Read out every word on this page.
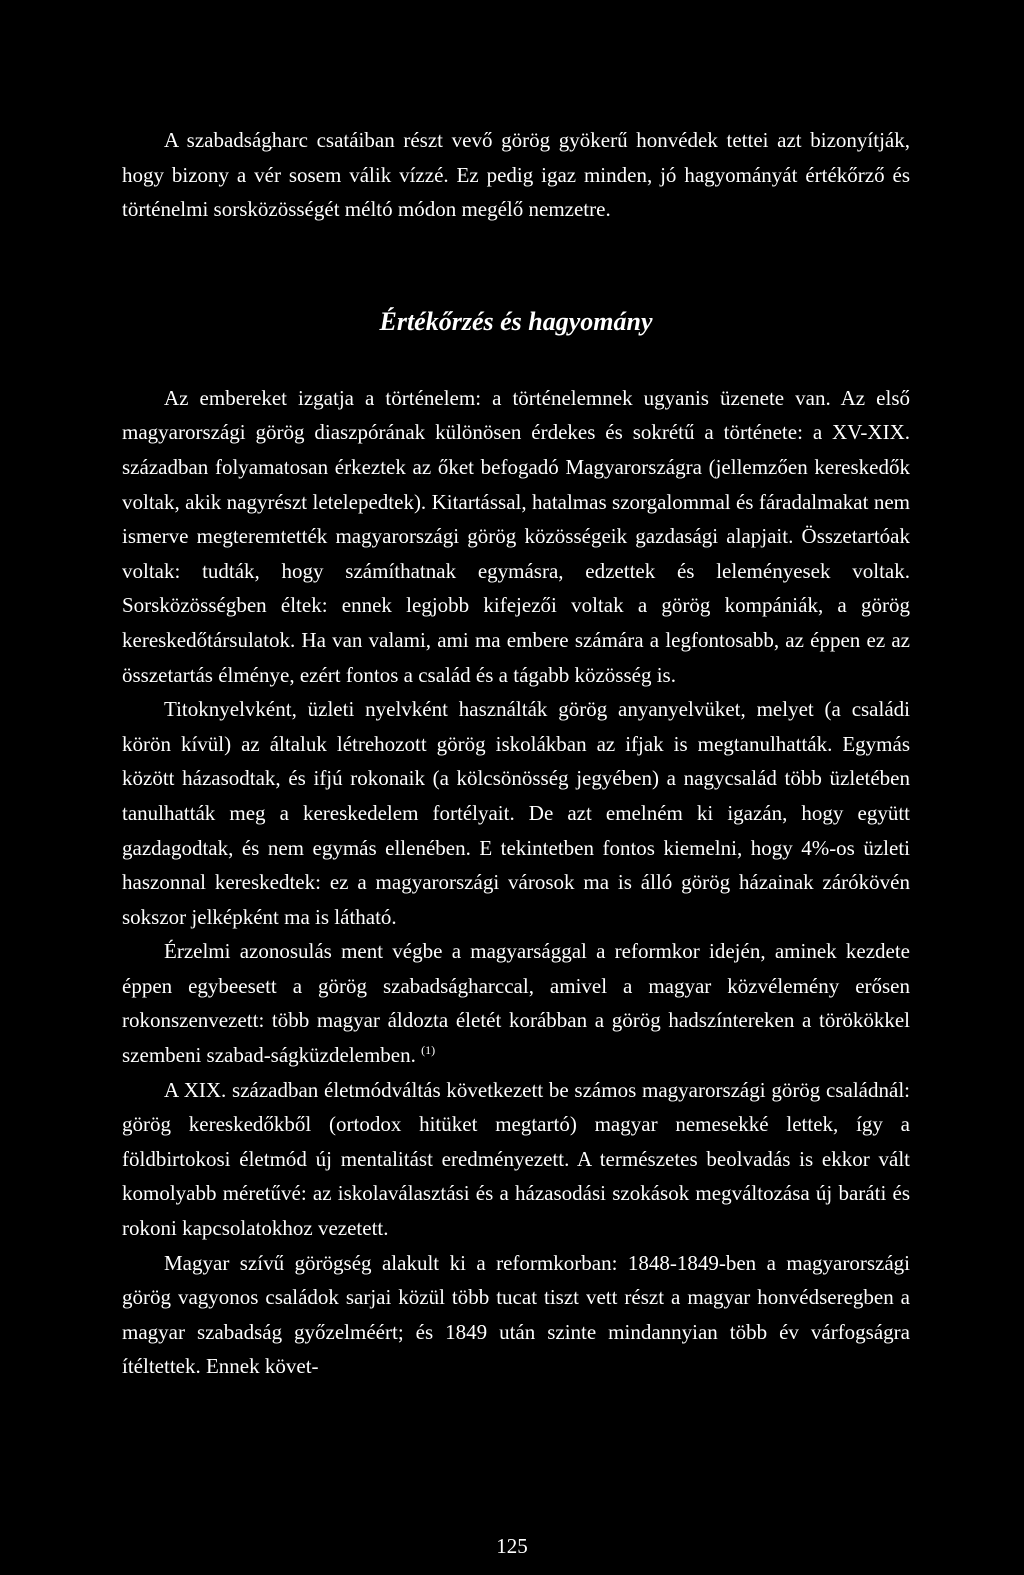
A szabadságharc csatáiban részt vevő görög gyökerű honvédek tettei azt bizonyítják, hogy bizony a vér sosem válik vízzé. Ez pedig igaz minden, jó hagyományát értékőrző és történelmi sorsközösségét méltó módon megélő nemzetre.

Értékőrzés és hagyomány

Az embereket izgatja a történelem: a történelemnek ugyanis üzenete van. Az első magyarországi görög diaszpórának különösen érdekes és sokrétű a története: a XV-XIX. században folyamatosan érkeztek az őket befogadó Magyarországra (jellemzően kereskedők voltak, akik nagyrészt letelepedtek). Kitartással, hatalmas szorgalommal és fáradalmakat nem ismerve megteremtették magyarországi görög közösségeik gazdasági alapjait. Összetartóak voltak: tudták, hogy számíthatnak egymásra, edzettek és leleményesek voltak. Sorsközösségben éltek: ennek legjobb kifejezői voltak a görög kompániák, a görög kereskedőtársulatok. Ha van valami, ami ma embere számára a legfontosabb, az éppen ez az összetartás élménye, ezért fontos a család és a tágabb közösség is.

Titoknyelvként, üzleti nyelvként használták görög anyanyelvüket, melyet (a családi körön kívül) az általuk létrehozott görög iskolákban az ifjak is megtanulhatták. Egymás között házasodtak, és ifjú rokonaik (a kölcsönösség jegyében) a nagycsalád több üzletében tanulhatták meg a kereskedelem fortélyait. De azt emelném ki igazán, hogy együtt gazdagodtak, és nem egymás ellenében. E tekintetben fontos kiemelni, hogy 4%-os üzleti haszonnal kereskedtek: ez a magyarországi városok ma is álló görög házainak zárókövén sokszor jelképként ma is látható.

Érzelmi azonosulás ment végbe a magyarsággal a reformkor idején, aminek kezdete éppen egybeesett a görög szabadságharccal, amivel a magyar közvélemény erősen rokonszenvezett: több magyar áldozta életét korábban a görög hadszíntereken a törökökkel szembeni szabad-ságküzdelemben. $^{(1)}$

A XIX. században életmódváltás következett be számos magyarországi görög családnál: görög kereskedőkből (ortodox hitüket megtartó) magyar nemesekké lettek, így a földbirtokosi életmód új mentalitást eredményezett. A természetes beolvadás is ekkor vált komolyabb méretűvé: az iskolaválasztási és a házasodási szokások megváltozása új baráti és rokoni kapcsolatokhoz vezetett.

Magyar szívű görögség alakult ki a reformkorban: 1848-1849-ben a magyarországi görög vagyonos családok sarjai közül több tucat tiszt vett részt a magyar honvédseregben a magyar szabadság győzelméért; és 1849 után szinte mindannyian több év várfogságra ítéltettek. Ennek követ-

125
